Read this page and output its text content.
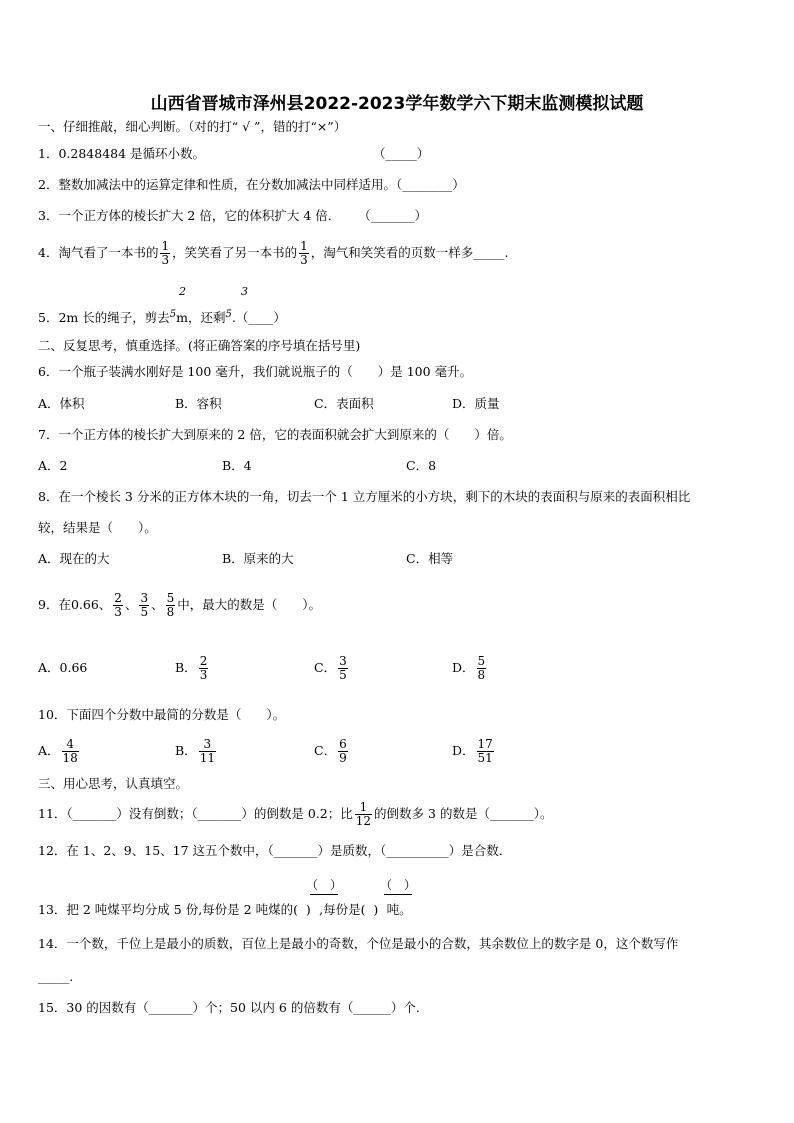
山西省晋城市泽州县2022-2023学年数学六下期末监测模拟试题
一、仔细推敲，细心判断。（对的打“ √ ”，错的打“×”）
1．0.2848484 是循环小数。	（_____）
2．整数加减法中的运算定律和性质，在分数加减法中同样适用。（________）
3．一个正方体的棱长扩大 2 倍，它的体积扩大 4 倍． （_______）
4．淘气看了一本书的 $\frac{1}{3}$ ，笑笑看了另一本书的 $\frac{1}{3}$ ，淘气和笑笑看的页数一样多_____.
2	3
5．2m 长的绳子，剪去$^5$m，还剩$^5$.（____）
二、反复思考，慎重选择。(将正确答案的序号填在括号里)
6．一个瓶子装满水刚好是 100 毫升，我们就说瓶子的（　　）是 100 毫升。
A．体积	B．容积	C．表面积	D．质量
7．一个正方体的棱长扩大到原来的 2 倍，它的表面积就会扩大到原来的（　　）倍。
A．2	B．4	C．8
8．在一个棱长 3 分米的正方体木块的一角，切去一个 1 立方厘米的小方块，剩下的木块的表面积与原来的表面积相比
较，结果是（　　）。
A．现在的大	B．原来的大	C．相等
9．在0.66、 $\frac{2}{3}$ 、 $\frac{3}{5}$ 、 $\frac{5}{8}$ 中，最大的数是（　　）。
A．0.66	B． $\frac{2}{3}$	C． $\frac{3}{5}$	D． $\frac{5}{8}$
10．下面四个分数中最简的分数是（　　）。
A． $\frac{4}{18}$	B． $\frac{3}{11}$	C． $\frac{6}{9}$	D． $\frac{17}{51}$
三、用心思考，认真填空。
11．（_______）没有倒数；（_______）的倒数是 0.2；比 $\frac{1}{12}$ 的倒数多 3 的数是（_______）。
12．在 1、2、9、15、17 这五个数中，（_______）是质数，（__________）是合数．
（　）	（　）
13．把 2 吨煤平均分成 5 份,每份是 2 吨煤的( ) ,每份是( ) 吨。
14．一个数，千位上是最小的质数，百位上是最小的奇数，个位是最小的合数，其余数位上的数字是 0，这个数写作
_____.
15．30 的因数有（_______）个；50 以内 6 的倍数有（______）个.
